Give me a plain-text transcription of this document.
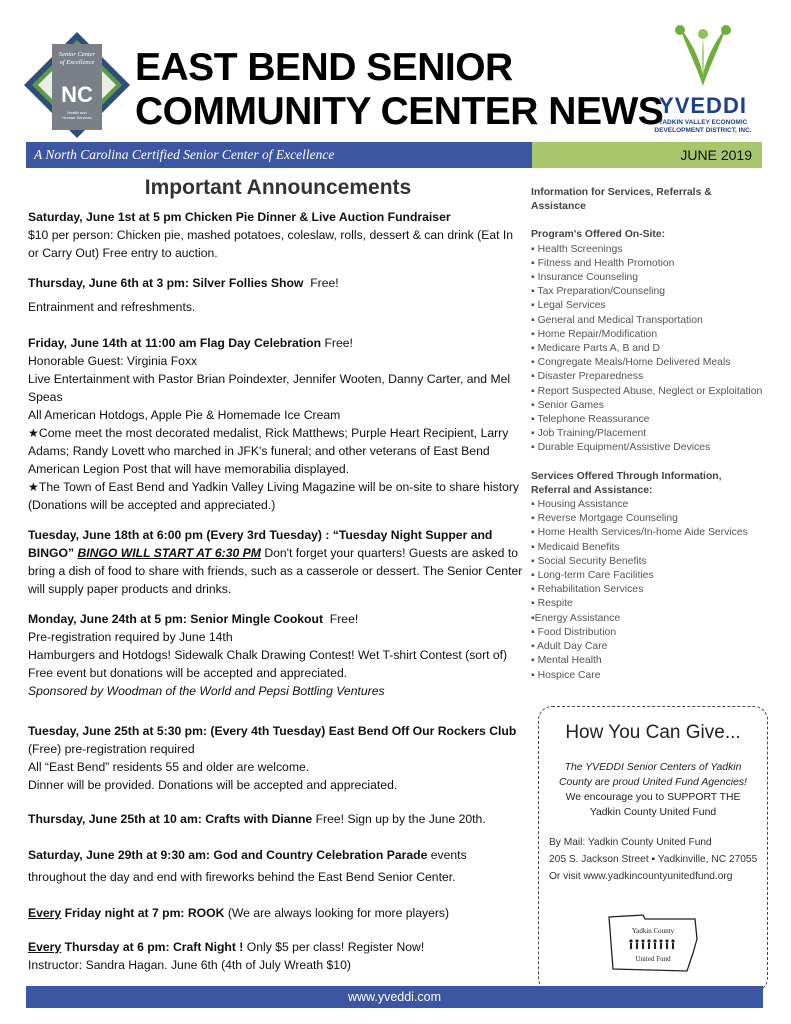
Senior Center
of Excellence
NC
Health and
Human Services
EAST BEND SENIOR
COMMUNITY CENTER NEWS
YVEDDI
YADKIN VALLEY ECONOMIC DEVELOPMENT DISTRICT, INC.
A North Carolina Certified Senior Center of Excellence	JUNE 2019
Important Announcements

Saturday, June 1st at 5 pm Chicken Pie Dinner & Live Auction Fundraiser

$10 per person: Chicken pie, mashed potatoes, coleslaw, rolls, dessert & can drink (Eat In or Carry Out) Free entry to auction.

Thursday, June 6th at 3 pm: Silver Follies Show Free!

Entrainment and refreshments.

Friday, June 14th at 11:00 am Flag Day Celebration Free!

Honorable Guest: Virginia Foxx

Live Entertainment with Pastor Brian Poindexter, Jennifer Wooten, Danny Carter, and Mel Speas

All American Hotdogs, Apple Pie & Homemade Ice Cream

★Come meet the most decorated medalist, Rick Matthews; Purple Heart Recipient, Larry Adams; Randy Lovett who marched in JFK's funeral; and other veterans of East Bend American Legion Post that will have memorabilia displayed.

★The Town of East Bend and Yadkin Valley Living Magazine will be on-site to share history (Donations will be accepted and appreciated.)

Tuesday, June 18th at 6:00 pm (Every 3rd Tuesday) : “Tuesday Night Supper and BINGO” BINGO WILL START AT 6:30 PM Don't forget your quarters! Guests are asked to bring a dish of food to share with friends, such as a casserole or dessert. The Senior Center will supply paper products and drinks.

Monday, June 24th at 5 pm: Senior Mingle Cookout Free!

Pre-registration required by June 14th

Hamburgers and Hotdogs! Sidewalk Chalk Drawing Contest! Wet T-shirt Contest (sort of) Free event but donations will be accepted and appreciated.

Sponsored by Woodman of the World and Pepsi Bottling Ventures

Tuesday, June 25th at 5:30 pm: (Every 4th Tuesday) East Bend Off Our Rockers Club (Free) pre-registration required

All “East Bend” residents 55 and older are welcome.

Dinner will be provided. Donations will be accepted and appreciated.

Thursday, June 25th at 10 am: Crafts with Dianne Free! Sign up by the June 20th.

Saturday, June 29th at 9:30 am: God and Country Celebration Parade events throughout the day and end with fireworks behind the East Bend Senior Center.

Every Friday night at 7 pm: ROOK (We are always looking for more players)

Every Thursday at 6 pm: Craft Night ! Only $5 per class! Register Now!

Instructor: Sandra Hagan. June 6th (4th of July Wreath $10)

Information for Services, Referrals & Assistance
Program's Offered On-Site:
▪ Health Screenings
▪ Fitness and Health Promotion
▪ Insurance Counseling
▪ Tax Preparation/Counseling
▪ Legal Services
▪ General and Medical Transportation
▪ Home Repair/Modification
▪ Medicare Parts A, B and D
▪ Congregate Meals/Home Delivered Meals
▪ Disaster Preparedness
▪ Report Suspected Abuse, Neglect or Exploitation
▪ Senior Games
▪ Telephone Reassurance
▪ Job Training/Placement
▪ Durable Equipment/Assistive Devices
Services Offered Through Information, Referral and Assistance:
▪ Housing Assistance
▪ Reverse Mortgage Counseling
▪ Home Health Services/In-home Aide Services
▪ Medicaid Benefits
▪ Social Security Benefits
▪ Long-term Care Facilities
▪ Rehabilitation Services
▪ Respite
▪Energy Assistance
▪ Food Distribution
▪ Adult Day Care
▪ Mental Health
▪ Hospice Care
How You Can Give...
The YVEDDI Senior Centers of Yadkin County are proud United Fund Agencies!
We encourage you to SUPPORT THE Yadkin County United Fund
By Mail: Yadkin County United Fund
205 S. Jackson Street ▪ Yadkinville, NC 27055
Or visit www.yadkincountyunitedfund.org
Yadkin County
United Fund
www.yveddi.com
